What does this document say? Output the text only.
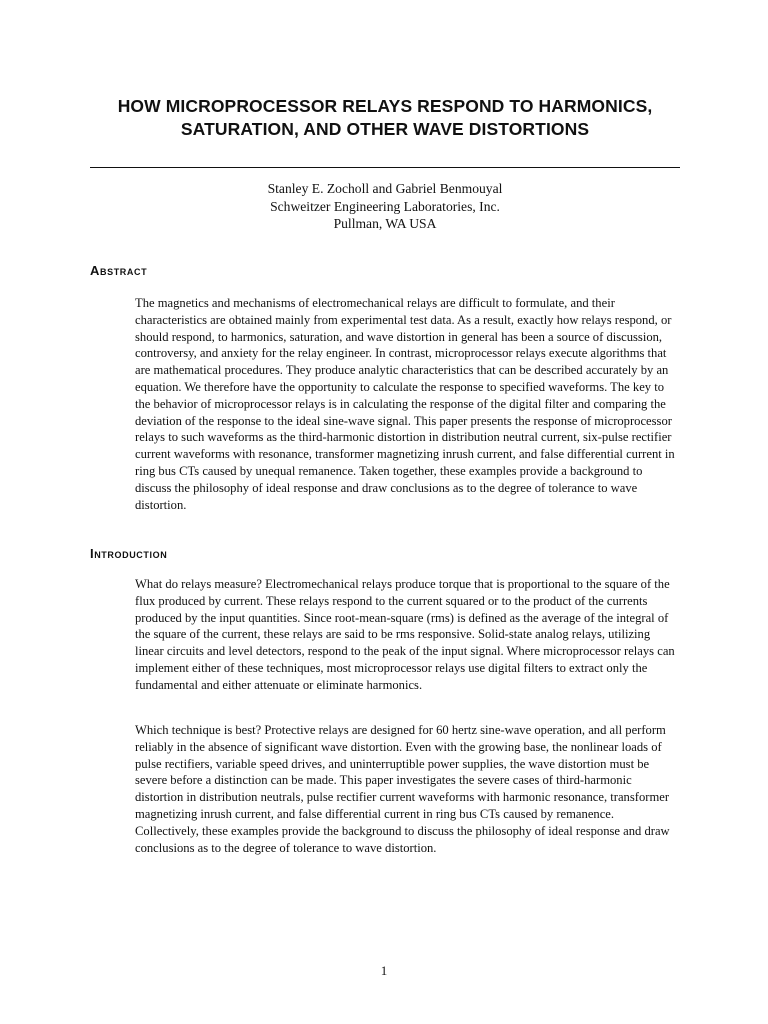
HOW MICROPROCESSOR RELAYS RESPOND TO HARMONICS, SATURATION, AND OTHER WAVE DISTORTIONS
Stanley E. Zocholl and Gabriel Benmouyal
Schweitzer Engineering Laboratories, Inc.
Pullman, WA USA
Abstract

The magnetics and mechanisms of electromechanical relays are difficult to formulate, and their characteristics are obtained mainly from experimental test data. As a result, exactly how relays respond, or should respond, to harmonics, saturation, and wave distortion in general has been a source of discussion, controversy, and anxiety for the relay engineer. In contrast, microprocessor relays execute algorithms that are mathematical procedures. They produce analytic characteristics that can be described accurately by an equation. We therefore have the opportunity to calculate the response to specified waveforms. The key to the behavior of microprocessor relays is in calculating the response of the digital filter and comparing the deviation of the response to the ideal sine-wave signal. This paper presents the response of microprocessor relays to such waveforms as the third-harmonic distortion in distribution neutral current, six-pulse rectifier current waveforms with resonance, transformer magnetizing inrush current, and false differential current in ring bus CTs caused by unequal remanence. Taken together, these examples provide a background to discuss the philosophy of ideal response and draw conclusions as to the degree of tolerance to wave distortion.

Introduction

What do relays measure? Electromechanical relays produce torque that is proportional to the square of the flux produced by current. These relays respond to the current squared or to the product of the currents produced by the input quantities. Since root-mean-square (rms) is defined as the average of the integral of the square of the current, these relays are said to be rms responsive. Solid-state analog relays, utilizing linear circuits and level detectors, respond to the peak of the input signal. Where microprocessor relays can implement either of these techniques, most microprocessor relays use digital filters to extract only the fundamental and either attenuate or eliminate harmonics.

Which technique is best? Protective relays are designed for 60 hertz sine-wave operation, and all perform reliably in the absence of significant wave distortion. Even with the growing base, the nonlinear loads of pulse rectifiers, variable speed drives, and uninterruptible power supplies, the wave distortion must be severe before a distinction can be made. This paper investigates the severe cases of third-harmonic distortion in distribution neutrals, pulse rectifier current waveforms with harmonic resonance, transformer magnetizing inrush current, and false differential current in ring bus CTs caused by remanence. Collectively, these examples provide the background to discuss the philosophy of ideal response and draw conclusions as to the degree of tolerance to wave distortion.

1
